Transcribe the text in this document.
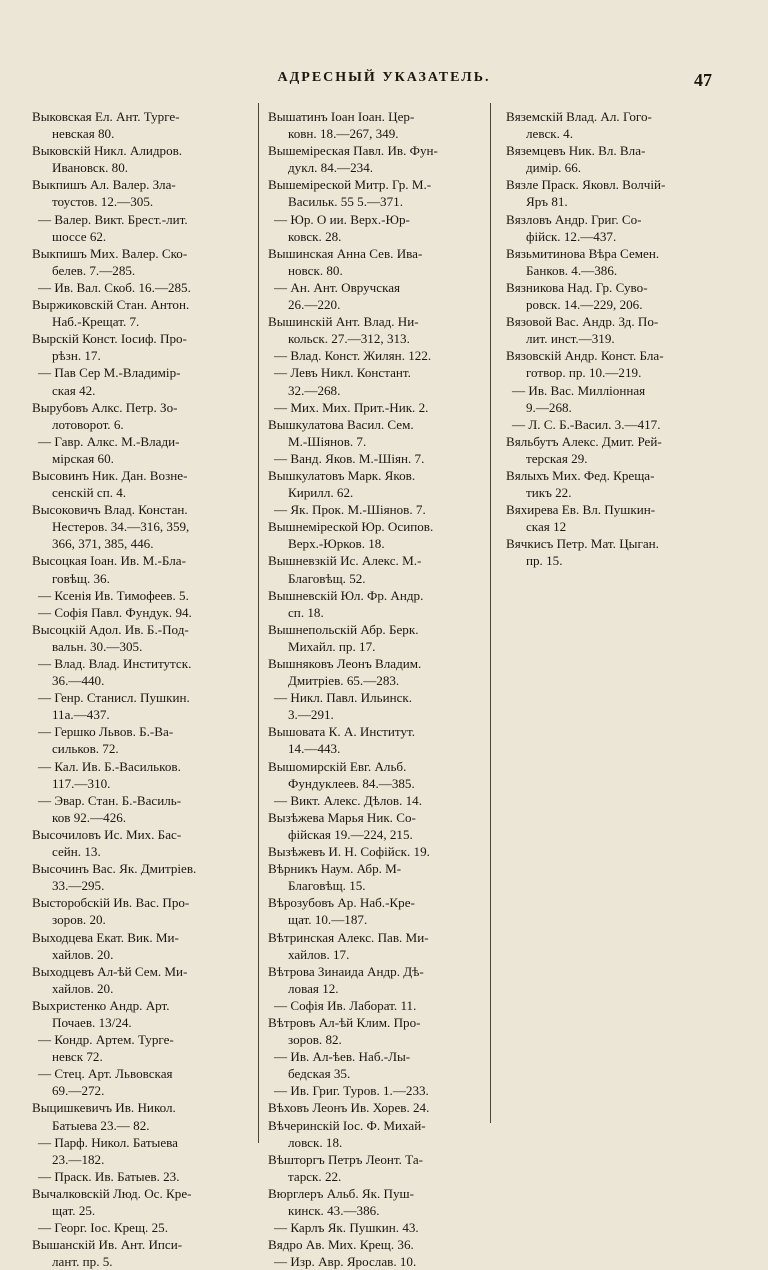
АДРЕСНЫЙ УКАЗАТЕЛЬ.	47
Выковская Ел. Ант. Турге-
невская 80.
Выковскій Никл. Алидров.
Ивановск. 80.
Выкпишъ Ал. Валер. Зла-
тоустов. 12.—305.
— Валер. Викт. Брест.-лит.
шоссе 62.
Выкпишъ Мих. Валер. Ско-
белев. 7.—285.
— Ив. Вал. Скоб. 16.—285.
Выржиковскій Стан. Антон.
Наб.-Крещат. 7.
Вырскій Конст. Іосиф. Про-
рѣзн. 17.
— Пав Сер М.-Владимір-
ская 42.
Вырубовъ Алкс. Петр. Зо-
лотоворот. 6.
— Гавр. Алкс. М.-Влади-
мірская 60.
Высовинъ Ник. Дан. Возне-
сенскій сп. 4.
Высоковичъ Влад. Констан.
Нестеров. 34.—316, 359,
366, 371, 385, 446.
Высоцкая Іоан. Ив. М.-Бла-
говѣщ. 36.
— Ксенія Ив. Тимофеев. 5.
— Софія Павл. Фундук. 94.
Высоцкій Адол. Ив. Б.-Под-
вальн. 30.—305.
— Влад. Влад. Институтск.
36.—440.
— Генр. Станисл. Пушкин.
11а.—437.
— Гершко Львов. Б.-Ва-
сильков. 72.
— Кал. Ив. Б.-Васильков.
117.—310.
— Эвар. Стан. Б.-Василь-
ков 92.—426.
Высочиловъ Ис. Мих. Бас-
сейн. 13.
Высочинъ Вас. Як. Дмитріев.
33.—295.
Высторобскій Ив. Вас. Про-
зоров. 20.
Выходцева Екат. Вик. Ми-
хайлов. 20.
Выходцевъ Ал-ѣй Сем. Ми-
хайлов. 20.
Выхристенко Андр. Арт.
Почаев. 13/24.
— Кондр. Артем. Турге-
невск 72.
— Стец. Арт. Львовская
69.—272.
Выцишкевичъ Ив. Никол.
Батыева 23.— 82.
— Парф. Никол. Батыева
23.—182.
— Праск. Ив. Батыев. 23.
Вычалковскій Люд. Ос. Кре-
щат. 25.
— Георг. Іос. Крещ. 25.
Вышанскій Ив. Ант. Ипси-
лант. пр. 5.
Вышатинъ Іоан Іоан. Цер-
ковн. 18.—267, 349.
Вышеміреская Павл. Ив. Фун-
дукл. 84.—234.
Вышеміреской Митр. Гр. М.-
Васильк. 55 5.—371.
— Юр. О ии. Верх.-Юр-
ковск. 28.
Вышинская Анна Сев. Ива-
новск. 80.
— Ан. Ант. Овручская
26.—220.
Вышинскій Ант. Влад. Ни-
кольск. 27.—312, 313.
— Влад. Конст. Жилян. 122.
— Левъ Никл. Констант.
32.—268.
— Мих. Мих. Прит.-Ник. 2.
Вышкулатова Васил. Сем.
М.-Шіянов. 7.
— Ванд. Яков. М.-Шіян. 7.
Вышкулатовъ Марк. Яков.
Кирилл. 62.
— Як. Прок. М.-Шіянов. 7.
Вышнеміреской Юр. Осипов.
Верх.-Юрков. 18.
Вышневзкій Ис. Алекс. М.-
Благовѣщ. 52.
Вышневскій Юл. Фр. Андр.
сп. 18.
Вышнепольскій Абр. Берк.
Михайл. пр. 17.
Вышняковъ Леонъ Владим.
Дмитріев. 65.—283.
— Никл. Павл. Ильинск.
3.—291.
Вышовата К. А. Институт.
14.—443.
Вышомирскій Евг. Альб.
Фундуклеев. 84.—385.
— Викт. Алекс. Дѣлов. 14.
Вызѣжева Марья Ник. Со-
фійская 19.—224, 215.
Вызѣжевъ И. Н. Софійск. 19.
Вѣрникъ Наум. Абр. М-
Благовѣщ. 15.
Вѣрозубовъ Ар. Наб.-Кре-
щат. 10.—187.
Вѣтринская Алекс. Пав. Ми-
хайлов. 17.
Вѣтрова Зинаида Андр. Дѣ-
ловая 12.
— Софія Ив. Лаборат. 11.
Вѣтровъ Ал-ѣй Клим. Про-
зоров. 82.
— Ив. Ал-ѣев. Наб.-Лы-
бедская 35.
— Ив. Григ. Туров. 1.—233.
Вѣховъ Леонъ Ив. Хорев. 24.
Вѣчеринскій Іос. Ф. Михай-
ловск. 18.
Вѣшторгъ Петръ Леонт. Та-
тарск. 22.
Вюрглеръ Альб. Як. Пуш-
кинск. 43.—386.
— Карлъ Як. Пушкин. 43.
Вядро Ав. Мих. Крещ. 36.
— Изр. Авр. Ярослав. 10.
Вяземскій Влад. Ал. Гого-
левск. 4.
Вяземцевъ Ник. Вл. Вла-
димір. 66.
Вязле Праск. Яковл. Волчій-
Яръ 81.
Вязловъ Андр. Григ. Со-
фійск. 12.—437.
Вязьмитинова Вѣра Семен.
Банков. 4.—386.
Вязникова Над. Гр. Суво-
ровск. 14.—229, 206.
Вязовой Вас. Андр. Зд. По-
лит. инст.—319.
Вязовскій Андр. Конст. Бла-
готвор. пр. 10.—219.
— Ив. Вас. Милліонная
9.—268.
— Л. С. Б.-Васил. 3.—417.
Вяльбутъ Алекс. Дмит. Рей-
терская 29.
Вялыхъ Мих. Фед. Креща-
тикъ 22.
Вяхирева Ев. Вл. Пушкин-
ская 12
Вячкисъ Петр. Мат. Цыган.
пр. 15.
